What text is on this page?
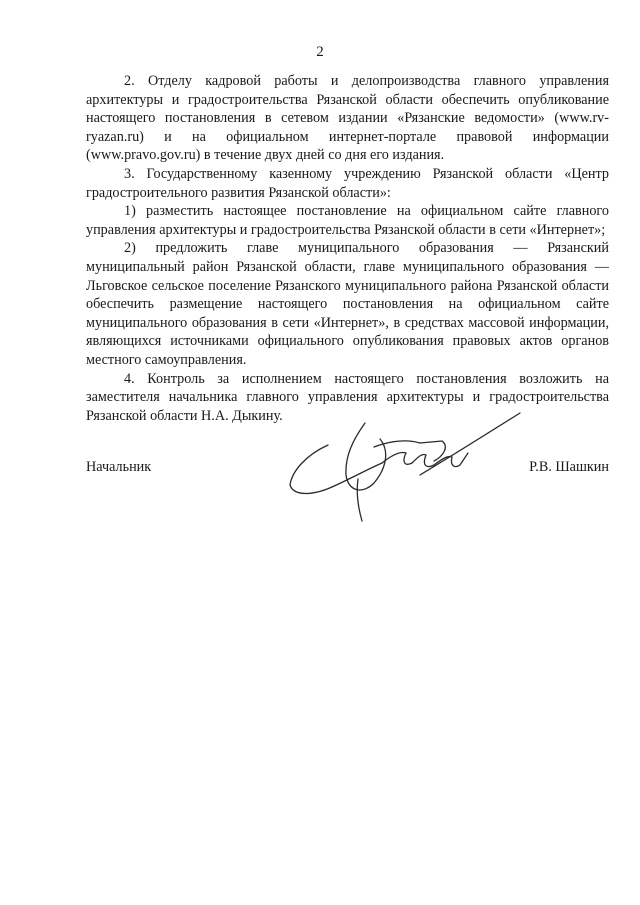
2

2. Отделу кадровой работы и делопроизводства главного управления архитектуры и градостроительства Рязанской области обеспечить опубликование настоящего постановления в сетевом издании «Рязанские ведомости» (www.rv-ryazan.ru) и на официальном интернет-портале правовой информации (www.pravo.gov.ru) в течение двух дней со дня его издания.

3. Государственному казенному учреждению Рязанской области «Центр градостроительного развития Рязанской области»:

1) разместить настоящее постановление на официальном сайте главного управления архитектуры и градостроительства Рязанской области в сети «Интернет»;

2) предложить главе муниципального образования — Рязанский муниципальный район Рязанской области, главе муниципального образования — Льговское сельское поселение Рязанского муниципального района Рязанской области обеспечить размещение настоящего постановления на официальном сайте муниципального образования в сети «Интернет», в средствах массовой информации, являющихся источниками официального опубликования правовых актов органов местного самоуправления.

4. Контроль за исполнением настоящего постановления возложить на заместителя начальника главного управления архитектуры и градостроительства Рязанской области Н.А. Дыкину.

Начальник	Р.В. Шашкин
